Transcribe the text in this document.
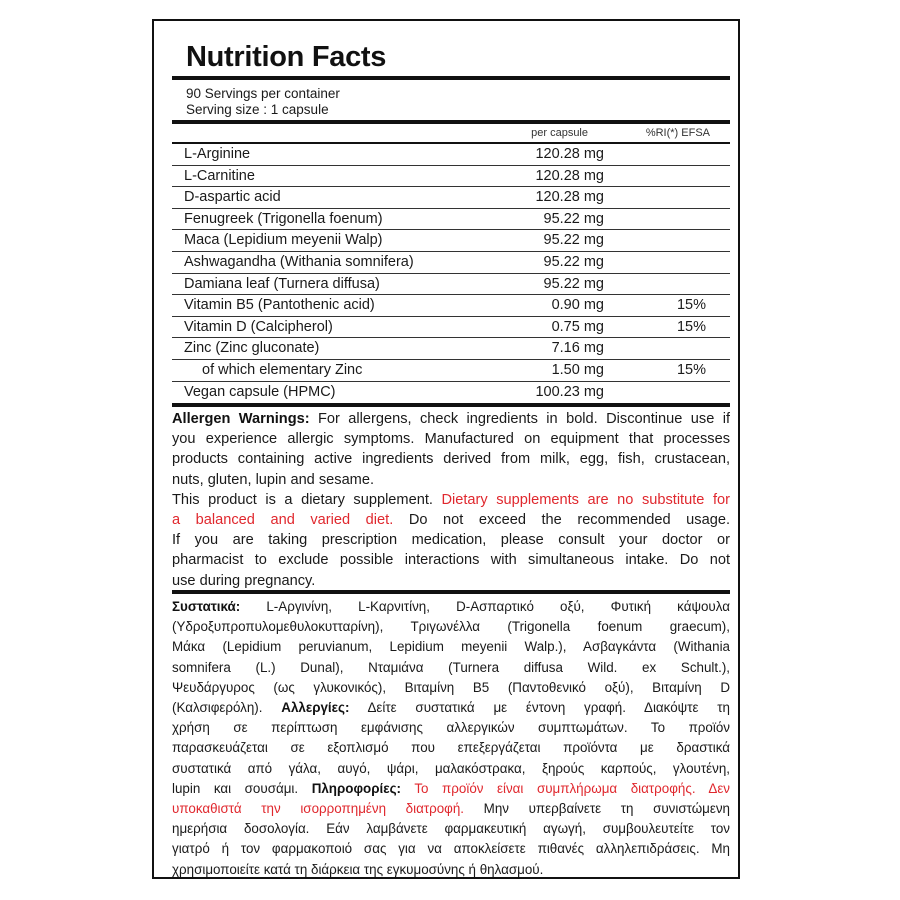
Nutrition Facts
90 Servings per container
Serving size : 1 capsule
per capsule	%RI(*) EFSA
L-Arginine	120.28 mg
L-Carnitine	120.28 mg
D-aspartic acid	120.28 mg
Fenugreek (Trigonella foenum)	95.22 mg
Maca (Lepidium meyenii Walp)	95.22 mg
Ashwagandha (Withania somnifera)	95.22 mg
Damiana leaf (Turnera diffusa)	95.22 mg
Vitamin B5 (Pantothenic acid)	0.90 mg	15%
Vitamin D (Calcipherol)	0.75 mg	15%
Zinc (Zinc gluconate)	7.16 mg
of which elementary Zinc	1.50 mg	15%
Vegan capsule (HPMC)	100.23 mg
Allergen Warnings: For allergens, check ingredients in bold. Discontinue use if
you experience allergic symptoms. Manufactured on equipment that processes
products containing active ingredients derived from milk, egg, fish, crustacean,
nuts, gluten, lupin and sesame.
This product is a dietary supplement. Dietary supplements are no substitute for
a balanced and varied diet. Do not exceed the recommended usage.
If you are taking prescription medication, please consult your doctor or
pharmacist to exclude possible interactions with simultaneous intake. Do not
use during pregnancy.
Συστατικά: L-Αργινίνη, L-Καρνιτίνη, D-Ασπαρτικό οξύ, Φυτική κάψουλα
(Υδροξυπροπυλομεθυλοκυτταρίνη), Τριγωνέλλα (Trigonella foenum graecum),
Μάκα (Lepidium peruvianum, Lepidium meyenii Walp.), Ασβαγκάντα (Withania
somnifera (L.) Dunal), Νταμιάνα (Turnera diffusa Wild. ex Schult.),
Ψευδάργυρος (ως γλυκονικός), Βιταμίνη B5 (Παντοθενικό οξύ), Βιταμίνη D
(Καλσιφερόλη). Αλλεργίες: Δείτε συστατικά με έντονη γραφή. Διακόψτε τη
χρήση σε περίπτωση εμφάνισης αλλεργικών συμπτωμάτων. Το προϊόν
παρασκευάζεται σε εξοπλισμό που επεξεργάζεται προϊόντα με δραστικά
συστατικά από γάλα, αυγό, ψάρι, μαλακόστρακα, ξηρούς καρπούς, γλουτένη,
lupin και σουσάμι. Πληροφορίες: Το προϊόν είναι συμπλήρωμα διατροφής. Δεν
υποκαθιστά την ισορροπημένη διατροφή. Μην υπερβαίνετε τη συνιστώμενη
ημερήσια δοσολογία. Εάν λαμβάνετε φαρμακευτική αγωγή, συμβουλευτείτε τον
γιατρό ή τον φαρμακοποιό σας για να αποκλείσετε πιθανές αλληλεπιδράσεις. Μη
χρησιμοποιείτε κατά τη διάρκεια της εγκυμοσύνης ή θηλασμού.
